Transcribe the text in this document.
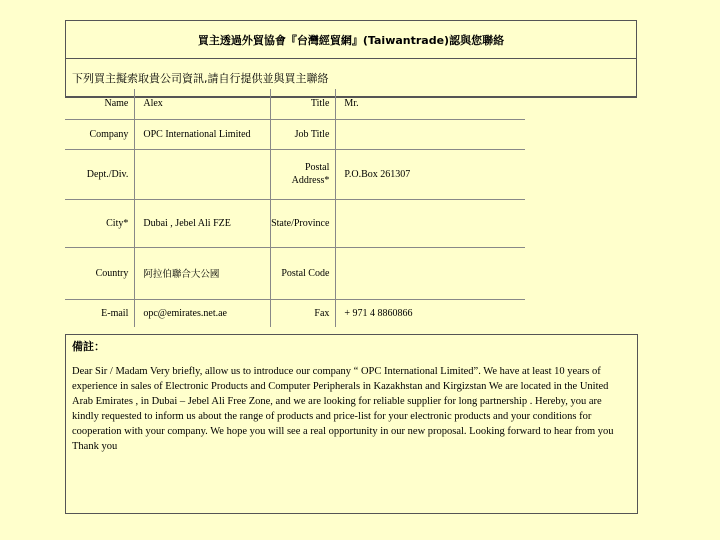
買主透過外貿協會『台灣經貿網』(Taiwantrade)認與您聯絡
下列買主擬索取貴公司資訊,請自行提供並與買主聯絡
Name	Alex	Title	Mr.
Company	OPC International Limited	Job Title	
Dept./Div.		Postal Address*	P.O.Box 261307
City*	Dubai , Jebel Ali FZE	State/Province	
Country	阿拉伯聯合大公國	Postal Code	
E-mail	opc@emirates.net.ae	Fax	+ 971 4 8860866
備註：
Dear Sir / Madam Very briefly, allow us to introduce our company “ OPC International Limited”. We have at least 10 years of experience in sales of Electronic Products and Computer Peripherals in Kazakhstan and Kirgizstan We are located in the United Arab Emirates , in Dubai – Jebel Ali Free Zone, and we are looking for reliable supplier for long partnership . Hereby, you are kindly requested to inform us about the range of products and price-list for your electronic products and your conditions for cooperation with your company. We hope you will see a real opportunity in our new proposal. Looking forward to hear from you Thank you
